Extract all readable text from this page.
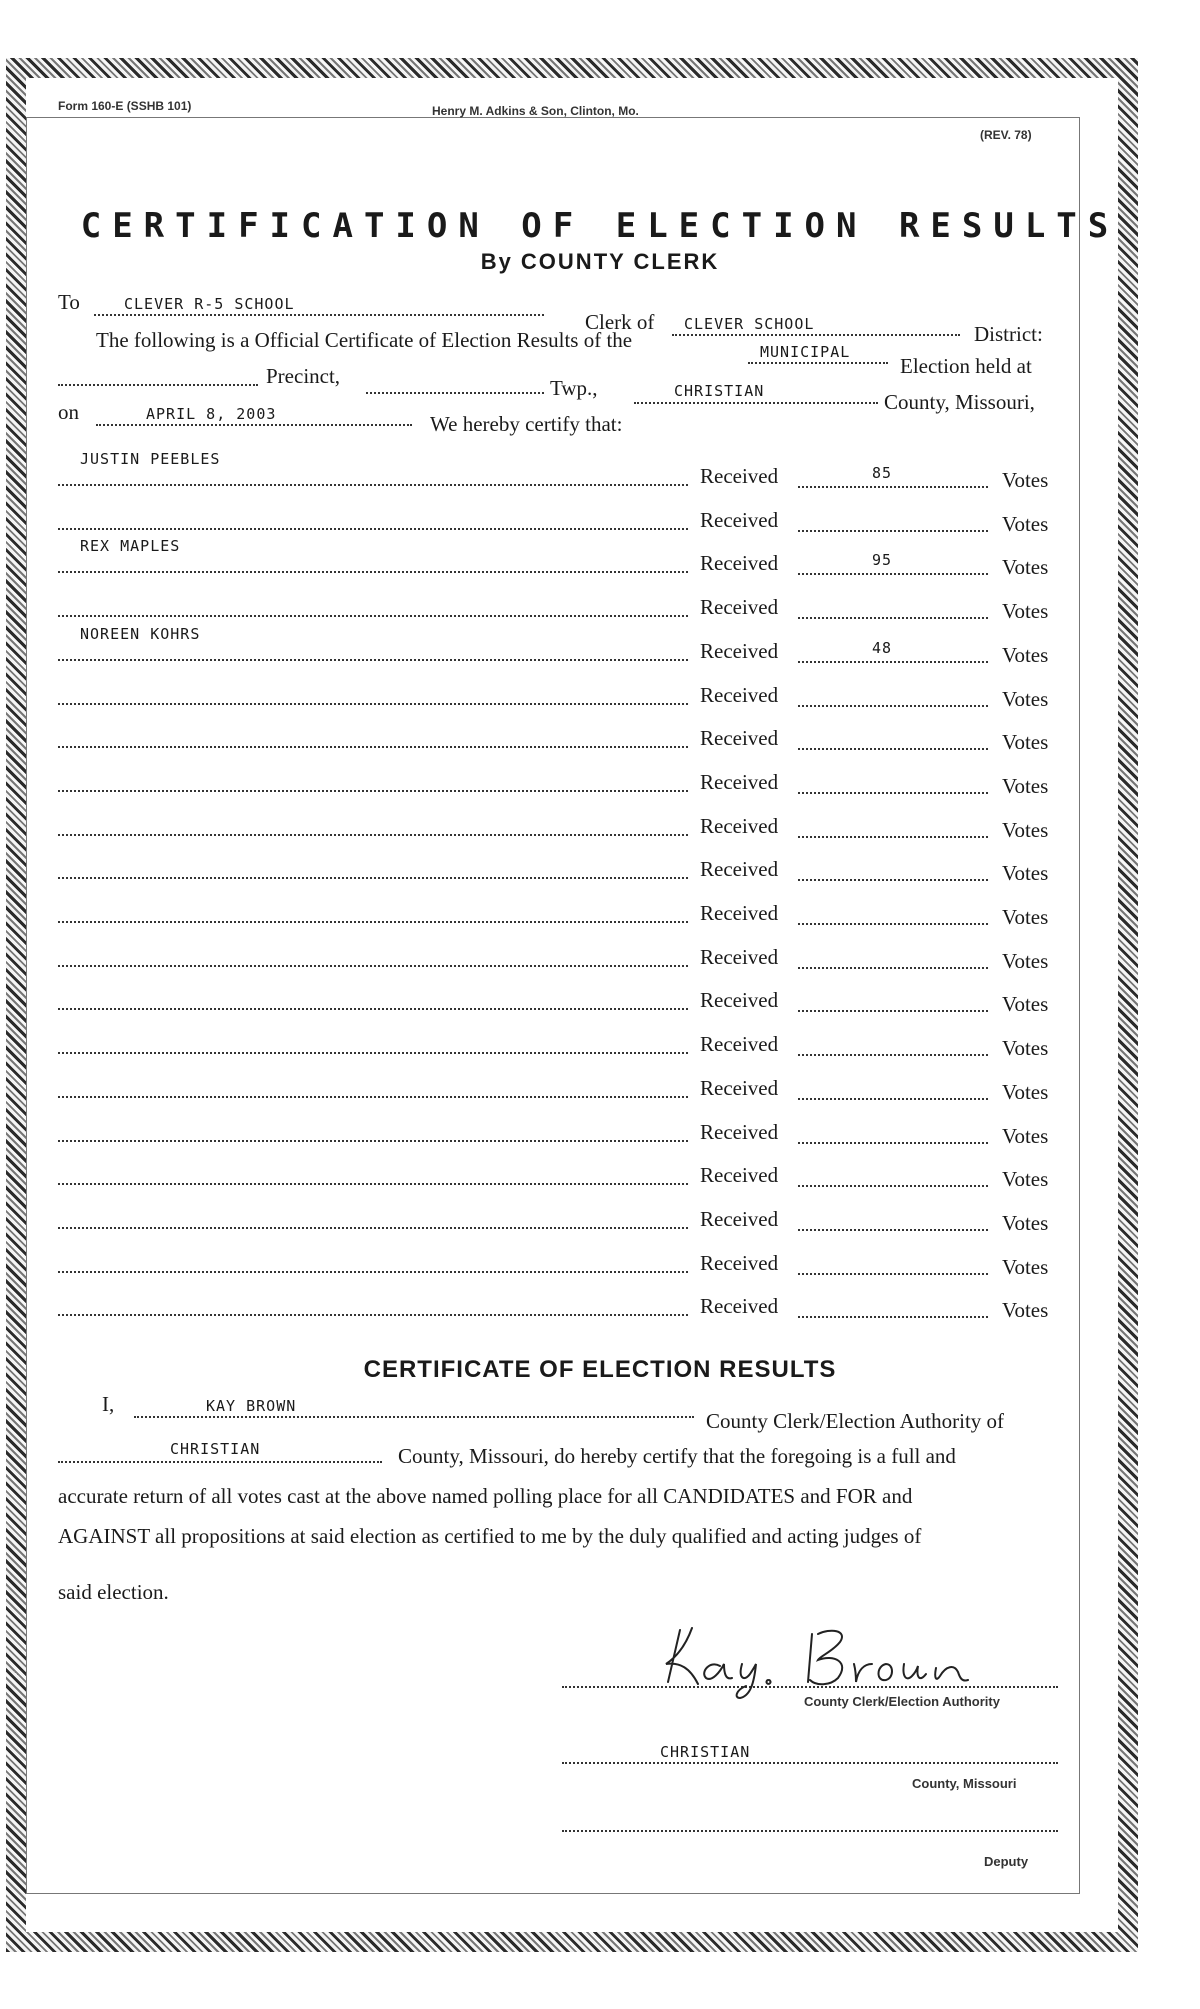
Form 160-E (SSHB 101)	Henry M. Adkins & Son, Clinton, Mo.
(REV. 78)
CERTIFICATION OF ELECTION RESULTS
By COUNTY CLERK
To	CLEVER R-5 SCHOOL
Clerk of CLEVER SCHOOL	District:
The following is a Official Certificate of Election Results of the	MUNICIPAL
Election held at
Precinct,	Twp.,	CHRISTIAN	County, Missouri,
on	APRIL 8, 2003	We hereby certify that:
JUSTIN PEEBLES
Received	85	Votes
Received	Votes
REX MAPLES
Received	95	Votes
Received	Votes
NOREEN KOHRS
Received	48	Votes
Received	Votes
Received	Votes
Received	Votes
Received	Votes
Received	Votes
Received	Votes
Received	Votes
Received	Votes
Received	Votes
Received	Votes
Received	Votes
Received	Votes
Received	Votes
Received	Votes
Received	Votes
CERTIFICATE OF ELECTION RESULTS
I,	KAY BROWN
County Clerk/Election Authority of
CHRISTIAN	County, Missouri, do hereby certify that the foregoing is a full and
accurate return of all votes cast at the above named polling place for all CANDIDATES and FOR and
AGAINST all propositions at said election as certified to me by the duly qualified and acting judges of
said election.
County Clerk/Election Authority
CHRISTIAN
County, Missouri
Deputy
